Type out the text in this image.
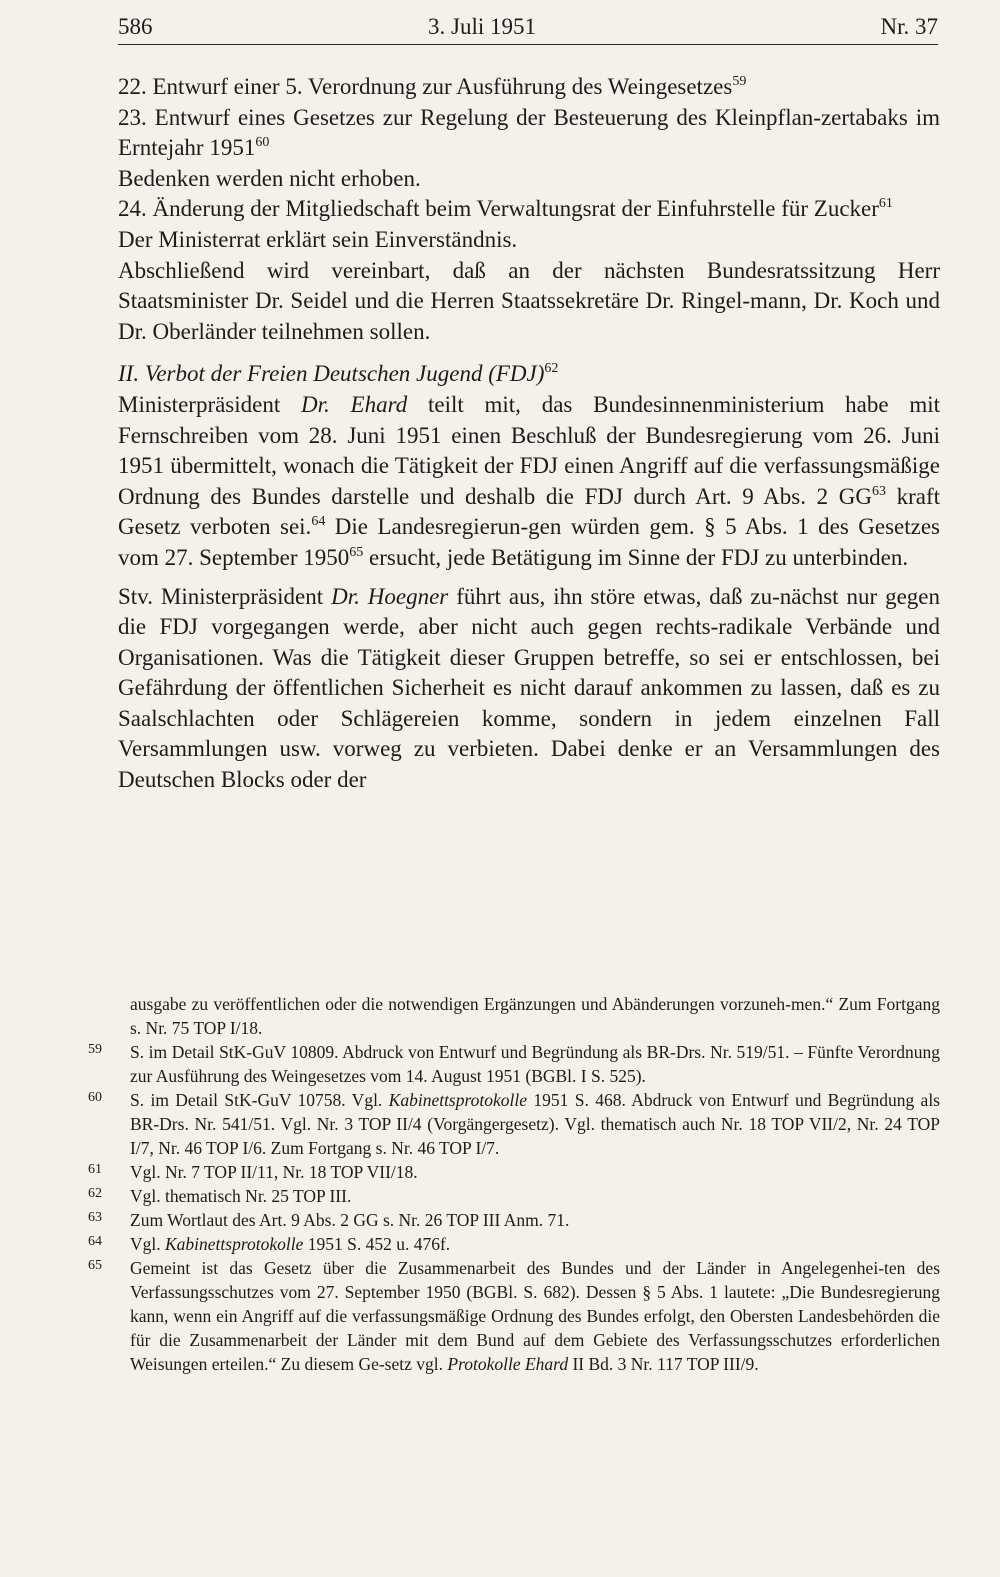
586	3. Juli 1951	Nr. 37

22. Entwurf einer 5. Verordnung zur Ausführung des Weingesetzes$^{59}$

23. Entwurf eines Gesetzes zur Regelung der Besteuerung des Kleinpflan-zertabaks im Erntejahr 1951$^{60}$

Bedenken werden nicht erhoben.

24. Änderung der Mitgliedschaft beim Verwaltungsrat der Einfuhrstelle für Zucker$^{61}$

Der Ministerrat erklärt sein Einverständnis.

Abschließend wird vereinbart, daß an der nächsten Bundesratssitzung Herr Staatsminister Dr. Seidel und die Herren Staatssekretäre Dr. Ringel-mann, Dr. Koch und Dr. Oberländer teilnehmen sollen.

II. Verbot der Freien Deutschen Jugend (FDJ)$^{62}$

Ministerpräsident Dr. Ehard teilt mit, das Bundesinnenministerium habe mit Fernschreiben vom 28. Juni 1951 einen Beschluß der Bundesregierung vom 26. Juni 1951 übermittelt, wonach die Tätigkeit der FDJ einen Angriff auf die verfassungsmäßige Ordnung des Bundes darstelle und deshalb die FDJ durch Art. 9 Abs. 2 GG$^{63}$ kraft Gesetz verboten sei.$^{64}$ Die Landesregierun-gen würden gem. § 5 Abs. 1 des Gesetzes vom 27. September 1950$^{65}$ ersucht, jede Betätigung im Sinne der FDJ zu unterbinden.

Stv. Ministerpräsident Dr. Hoegner führt aus, ihn störe etwas, daß zu-nächst nur gegen die FDJ vorgegangen werde, aber nicht auch gegen rechts-radikale Verbände und Organisationen. Was die Tätigkeit dieser Gruppen betreffe, so sei er entschlossen, bei Gefährdung der öffentlichen Sicherheit es nicht darauf ankommen zu lassen, daß es zu Saalschlachten oder Schlägereien komme, sondern in jedem einzelnen Fall Versammlungen usw. vorweg zu verbieten. Dabei denke er an Versammlungen des Deutschen Blocks oder der

ausgabe zu veröffentlichen oder die notwendigen Ergänzungen und Abänderungen vorzuneh-men.“ Zum Fortgang s. Nr. 75 TOP I/18.

59 S. im Detail StK-GuV 10809. Abdruck von Entwurf und Begründung als BR-Drs. Nr. 519/51. – Fünfte Verordnung zur Ausführung des Weingesetzes vom 14. August 1951 (BGBl. I S. 525).

60 S. im Detail StK-GuV 10758. Vgl. Kabinettsprotokolle 1951 S. 468. Abdruck von Entwurf und Begründung als BR-Drs. Nr. 541/51. Vgl. Nr. 3 TOP II/4 (Vorgängergesetz). Vgl. thematisch auch Nr. 18 TOP VII/2, Nr. 24 TOP I/7, Nr. 46 TOP I/6. Zum Fortgang s. Nr. 46 TOP I/7.

61 Vgl. Nr. 7 TOP II/11, Nr. 18 TOP VII/18.

62 Vgl. thematisch Nr. 25 TOP III.

63 Zum Wortlaut des Art. 9 Abs. 2 GG s. Nr. 26 TOP III Anm. 71.

64 Vgl. Kabinettsprotokolle 1951 S. 452 u. 476f.

65 Gemeint ist das Gesetz über die Zusammenarbeit des Bundes und der Länder in Angelegenhei-ten des Verfassungsschutzes vom 27. September 1950 (BGBl. S. 682). Dessen § 5 Abs. 1 lautete: „Die Bundesregierung kann, wenn ein Angriff auf die verfassungsmäßige Ordnung des Bundes erfolgt, den Obersten Landesbehörden die für die Zusammenarbeit der Länder mit dem Bund auf dem Gebiete des Verfassungsschutzes erforderlichen Weisungen erteilen.“ Zu diesem Ge-setz vgl. Protokolle Ehard II Bd. 3 Nr. 117 TOP III/9.
